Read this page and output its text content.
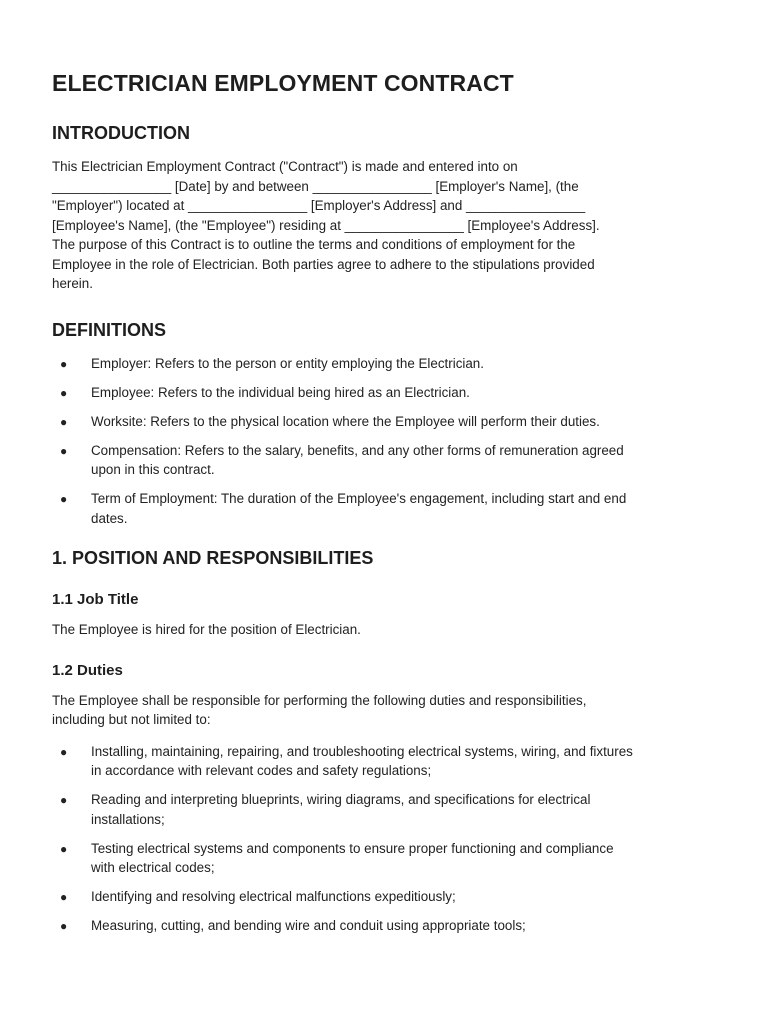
ELECTRICIAN EMPLOYMENT CONTRACT
INTRODUCTION

This Electrician Employment Contract ("Contract") is made and entered into on
________________ [Date] by and between ________________ [Employer's Name], (the
"Employer") located at ________________ [Employer's Address] and ________________
[Employee's Name], (the "Employee") residing at ________________ [Employee's Address].
The purpose of this Contract is to outline the terms and conditions of employment for the
Employee in the role of Electrician. Both parties agree to adhere to the stipulations provided
herein.

DEFINITIONS
● Employer: Refers to the person or entity employing the Electrician.
● Employee: Refers to the individual being hired as an Electrician.
● Worksite: Refers to the physical location where the Employee will perform their duties.
● Compensation: Refers to the salary, benefits, and any other forms of remuneration agreed
upon in this contract.
● Term of Employment: The duration of the Employee's engagement, including start and end
dates.
1. POSITION AND RESPONSIBILITIES
1.1 Job Title

The Employee is hired for the position of Electrician.

1.2 Duties

The Employee shall be responsible for performing the following duties and responsibilities,
including but not limited to:

● Installing, maintaining, repairing, and troubleshooting electrical systems, wiring, and fixtures
in accordance with relevant codes and safety regulations;
● Reading and interpreting blueprints, wiring diagrams, and specifications for electrical
installations;
● Testing electrical systems and components to ensure proper functioning and compliance
with electrical codes;
● Identifying and resolving electrical malfunctions expeditiously;
● Measuring, cutting, and bending wire and conduit using appropriate tools;
